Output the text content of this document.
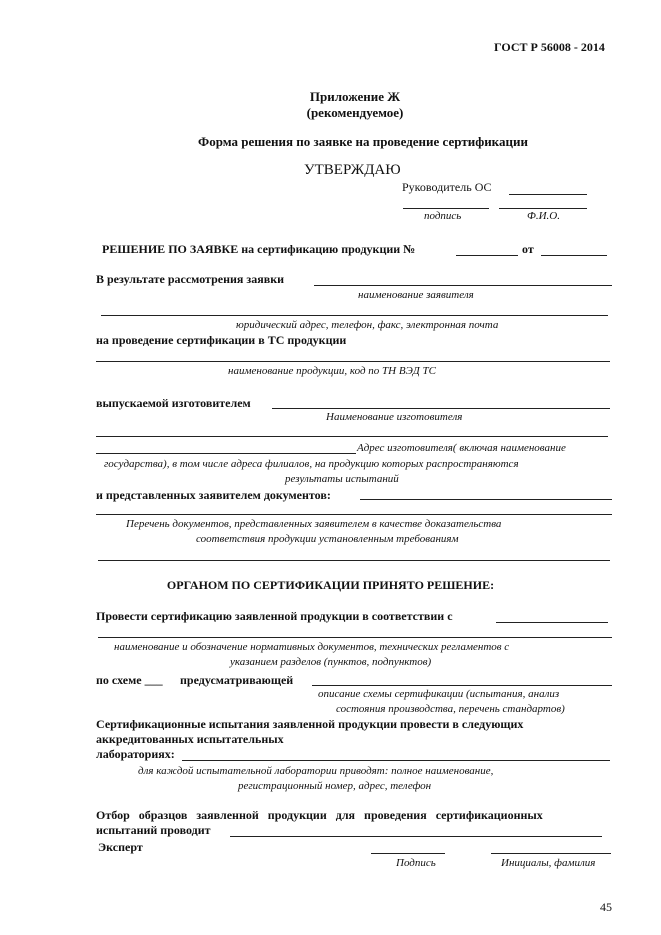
ГОСТ Р 56008 - 2014
Приложение Ж
(рекомендуемое)
Форма решения по заявке на проведение сертификации
УТВЕРЖДАЮ
Руководитель ОС
подпись	Ф.И.О.
РЕШЕНИЕ ПО ЗАЯВКЕ на сертификацию продукции №	от
В результате рассмотрения заявки
наименование заявителя
юридический адрес, телефон, факс, электронная почта
на проведение сертификации в ТС продукции
наименование продукции, код по ТН ВЭД ТС
выпускаемой изготовителем
Наименование изготовителя
Адрес изготовителя( включая наименование
государства), в том числе адреса филиалов, на продукцию которых распространяются
результаты испытаний
и представленных заявителем документов:
Перечень документов, представленных заявителем в качестве доказательства
соответствия продукции установленным требованиям
ОРГАНОМ ПО СЕРТИФИКАЦИИ ПРИНЯТО РЕШЕНИЕ:
Провести сертификацию заявленной продукции в соответствии с
наименование и обозначение нормативных документов, технических регламентов с
указанием разделов (пунктов, подпунктов)
по схеме ___ предусматривающей
описание схемы сертификации (испытания, анализ
состояния производства, перечень стандартов)
Сертификационные испытания заявленной продукции провести в следующих
аккредитованных испытательных
лабораториях:
для каждой испытательной лаборатории приводят: полное наименование,
регистрационный номер, адрес, телефон
Отбор образцов заявленной продукции для проведения сертификационных
испытаний проводит
Эксперт
Подпись	Инициалы, фамилия
45
